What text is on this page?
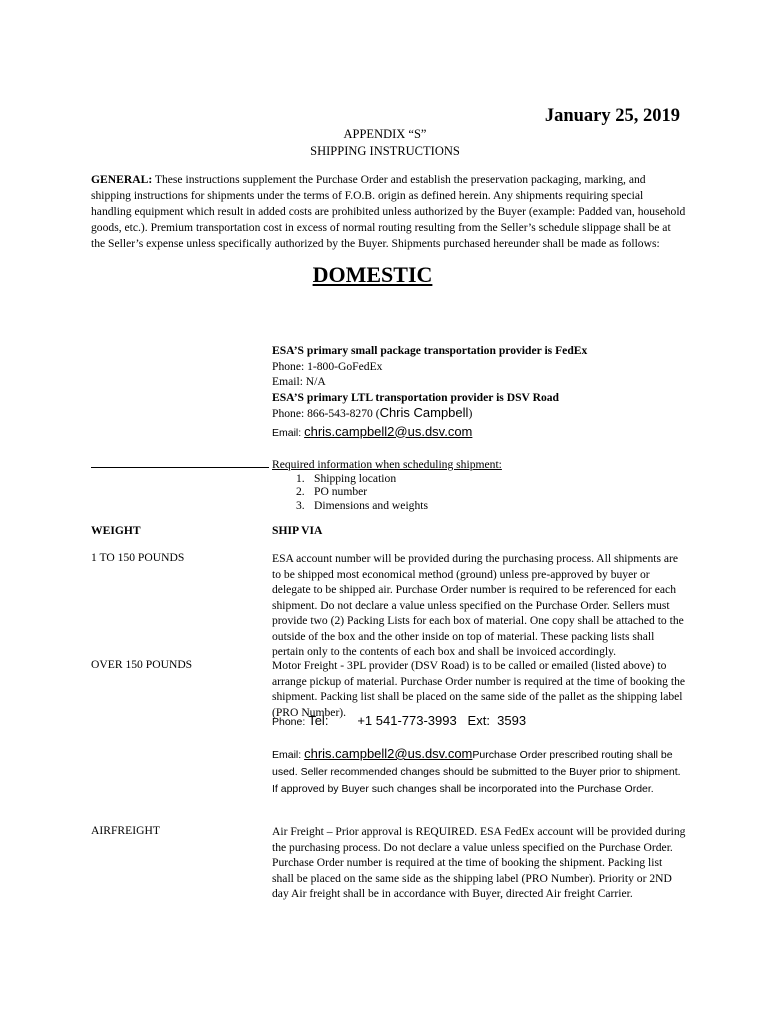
January 25, 2019
APPENDIX “S”
SHIPPING INSTRUCTIONS
GENERAL: These instructions supplement the Purchase Order and establish the preservation packaging, marking, and shipping instructions for shipments under the terms of F.O.B. origin as defined herein. Any shipments requiring special handling equipment which result in added costs are prohibited unless authorized by the Buyer (example: Padded van, household goods, etc.). Premium transportation cost in excess of normal routing resulting from the Seller’s schedule slippage shall be at the Seller’s expense unless specifically authorized by the Buyer. Shipments purchased hereunder shall be made as follows:
DOMESTIC
ESA’S primary small package transportation provider is FedEx
Phone: 1-800-GoFedEx
Email: N/A
ESA’S primary LTL transportation provider is DSV Road
Phone: 866-543-8270 (Chris Campbell)
Email: chris.campbell2@us.dsv.com
Required information when scheduling shipment:
1. Shipping location
2. PO number
3. Dimensions and weights
WEIGHT	SHIP VIA
1 TO 150 POUNDS	ESA account number will be provided during the purchasing process. All shipments are to be shipped most economical method (ground) unless pre-approved by buyer or delegate to be shipped air. Purchase Order number is required to be referenced for each shipment. Do not declare a value unless specified on the Purchase Order. Sellers must provide two (2) Packing Lists for each box of material. One copy shall be attached to the outside of the box and the other inside on top of material. These packing lists shall pertain only to the contents of each box and shall be invoiced accordingly.
OVER 150 POUNDS	Motor Freight - 3PL provider (DSV Road) is to be called or emailed (listed above) to arrange pickup of material. Purchase Order number is required at the time of booking the shipment. Packing list shall be placed on the same side of the pallet as the shipping label (PRO Number).
Phone: Tel:        +1 541-773-3993   Ext:  3593
Email: chris.campbell2@us.dsv.comPurchase Order prescribed routing shall be
used. Seller recommended changes should be submitted to the Buyer prior to shipment.
If approved by Buyer such changes shall be incorporated into the Purchase Order.
AIRFREIGHT	Air Freight – Prior approval is REQUIRED. ESA FedEx account will be provided during the purchasing process. Do not declare a value unless specified on the Purchase Order. Purchase Order number is required at the time of booking the shipment. Packing list shall be placed on the same side as the shipping label (PRO Number). Priority or 2ND day Air freight shall be in accordance with Buyer, directed Air freight Carrier.
